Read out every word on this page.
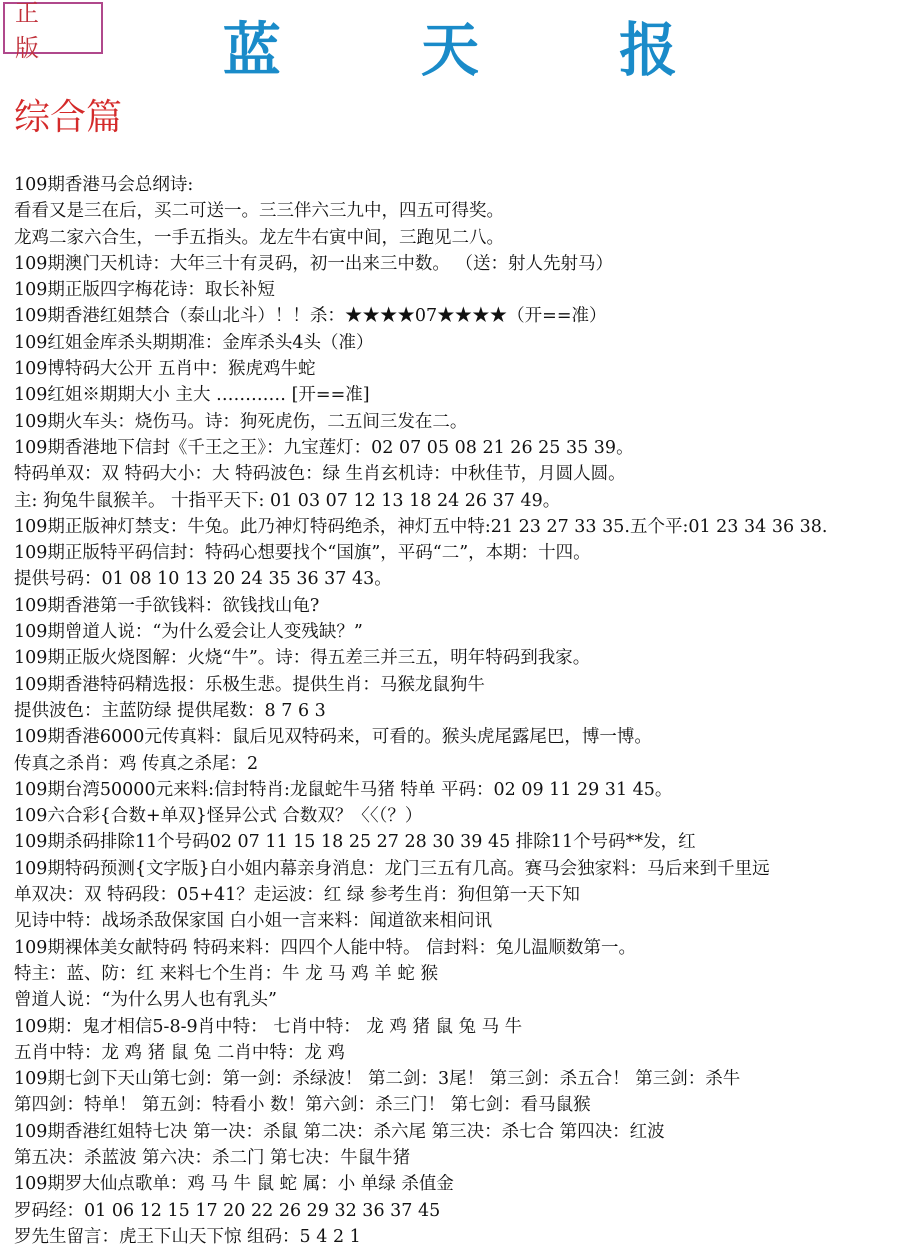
正 版	蓝 天 报
综合篇
109期香港马会总纲诗:
看看又是三在后，买二可送一。三三伴六三九中，四五可得奖。
龙鸡二家六合生，一手五指头。龙左牛右寅中间，三跑见二八。
109期澳门天机诗：大年三十有灵码，初一出来三中数。 （送：射人先射马）
109期正版四字梅花诗：取长补短
109期香港红姐禁合（泰山北斗）！！杀：★★★★07★★★★（开==准）
109红姐金库杀头期期准：金库杀头4头（准）
109博特码大公开 五肖中：猴虎鸡牛蛇
109红姐※期期大小 主大 ………… [开==准]
109期火车头：烧伤马。诗：狗死虎伤，二五间三发在二。
109期香港地下信封《千王之王》：九宝莲灯：02 07 05 08 21 26 25 35 39。
特码单双：双 特码大小：大 特码波色：绿 生肖玄机诗：中秋佳节，月圆人圆。
主: 狗兔牛鼠猴羊。 十指平天下: 01 03 07 12 13 18 24 26 37 49。
109期正版神灯禁支：牛兔。此乃神灯特码绝杀，神灯五中特:21 23 27 33 35.五个平:01 23 34 36 38.
109期正版特平码信封：特码心想要找个“国旗”，平码“二”，本期：十四。
提供号码：01 08 10 13 20 24 35 36 37 43。
109期香港第一手欲钱料：欲钱找山龟?
109期曾道人说：“为什么爱会让人变残缺？”
109期正版火烧图解：火烧“牛”。诗：得五差三并三五，明年特码到我家。
109期香港特码精选报：乐极生悲。提供生肖：马猴龙鼠狗牛
提供波色：主蓝防绿 提供尾数：8 7 6 3
109期香港6000元传真料：鼠后见双特码来，可看的。猴头虎尾露尾巴，博一博。
传真之杀肖：鸡 传真之杀尾：2
109期台湾50000元来料:信封特肖:龙鼠蛇牛马猪 特单 平码：02 09 11 29 31 45。
109六合彩{合数+单双}怪异公式 合数双？〈〈（？）
109期杀码排除11个号码02 07 11 15 18 25 27 28 30 39 45 排除11个号码**发，红
109期特码预测{文字版}白小姐内幕亲身消息：龙门三五有几高。赛马会独家料：马后来到千里远
单双决：双 特码段：05+41？走运波：红 绿 参考生肖：狗但第一天下知
见诗中特：战场杀敌保家国 白小姐一言来料：闻道欲来相问讯
109期裸体美女献特码 特码来料：四四个人能中特。 信封料：兔儿温顺数第一。
特主：蓝、防：红 来料七个生肖：牛 龙 马 鸡 羊 蛇 猴
曾道人说：“为什么男人也有乳头”
109期：鬼才相信5-8-9肖中特： 七肖中特： 龙 鸡 猪 鼠 兔 马 牛
五肖中特：龙 鸡 猪 鼠 兔 二肖中特：龙 鸡
109期七剑下天山第七剑：第一剑：杀绿波！ 第二剑：3尾！ 第三剑：杀五合！ 第三剑：杀牛
第四剑：特单！ 第五剑：特看小 数！第六剑：杀三门！ 第七剑：看马鼠猴
109期香港红姐特七决 第一决：杀鼠 第二决：杀六尾 第三决：杀七合 第四决：红波
第五决：杀蓝波 第六决：杀二门 第七决：牛鼠牛猪
109期罗大仙点歌单：鸡 马 牛 鼠 蛇 属：小 单绿 杀值金
罗码经：01 06 12 15 17 20 22 26 29 32 36 37 45
罗先生留言：虎王下山天下惊 组码：5 4 2 1
